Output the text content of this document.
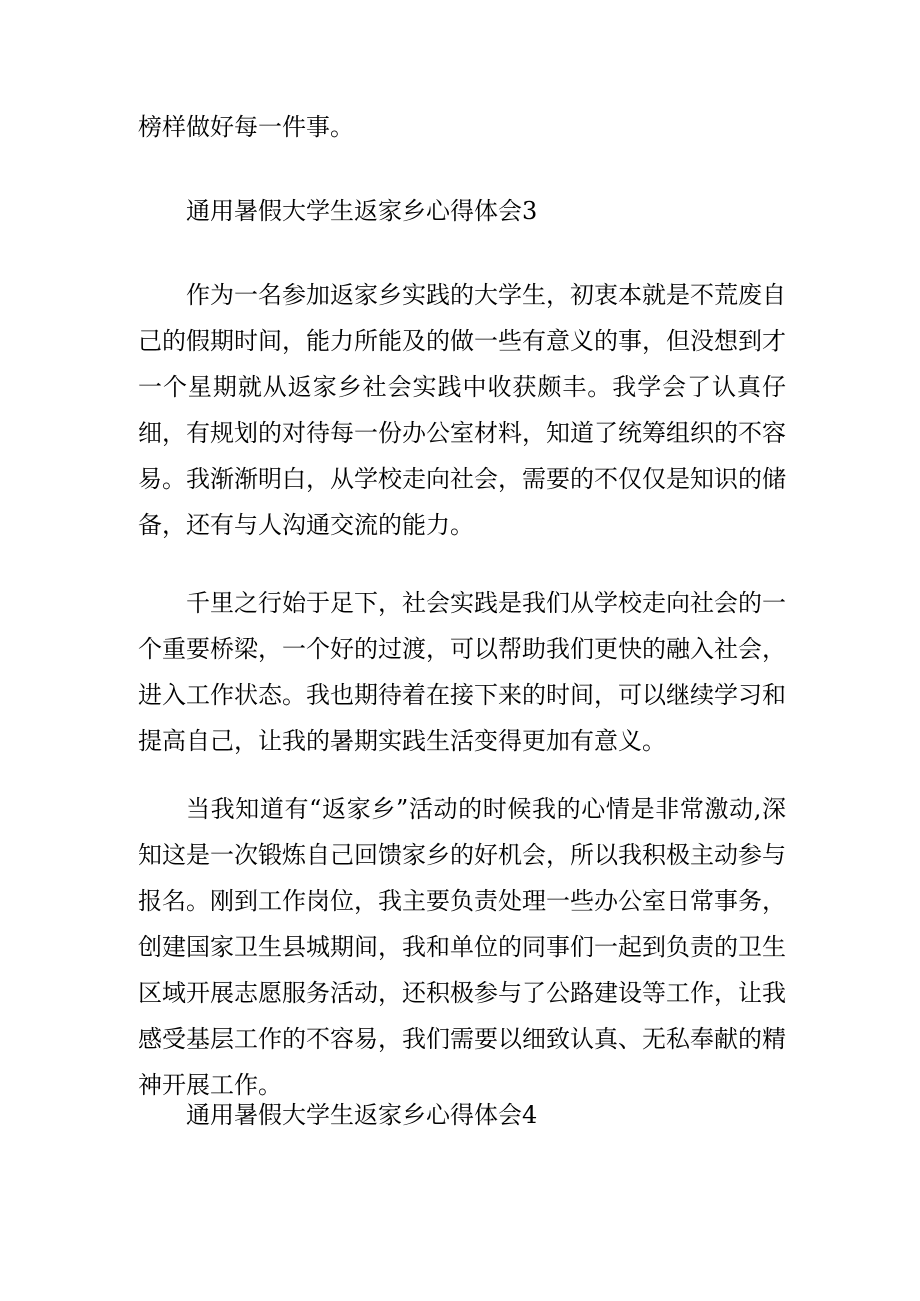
榜样做好每一件事。

通用暑假大学生返家乡心得体会3

作为一名参加返家乡实践的大学生，初衷本就是不荒废自己的假期时间，能力所能及的做一些有意义的事，但没想到才一个星期就从返家乡社会实践中收获颇丰。我学会了认真仔细，有规划的对待每一份办公室材料，知道了统筹组织的不容易。我渐渐明白，从学校走向社会，需要的不仅仅是知识的储备，还有与人沟通交流的能力。

千里之行始于足下，社会实践是我们从学校走向社会的一个重要桥梁，一个好的过渡，可以帮助我们更快的融入社会，进入工作状态。我也期待着在接下来的时间，可以继续学习和提高自己，让我的暑期实践生活变得更加有意义。

当我知道有“返家乡”活动的时候我的心情是非常激动,深知这是一次锻炼自己回馈家乡的好机会，所以我积极主动参与报名。刚到工作岗位，我主要负责处理一些办公室日常事务，创建国家卫生县城期间，我和单位的同事们一起到负责的卫生区域开展志愿服务活动，还积极参与了公路建设等工作，让我感受基层工作的不容易，我们需要以细致认真、无私奉献的精神开展工作。

通用暑假大学生返家乡心得体会4
